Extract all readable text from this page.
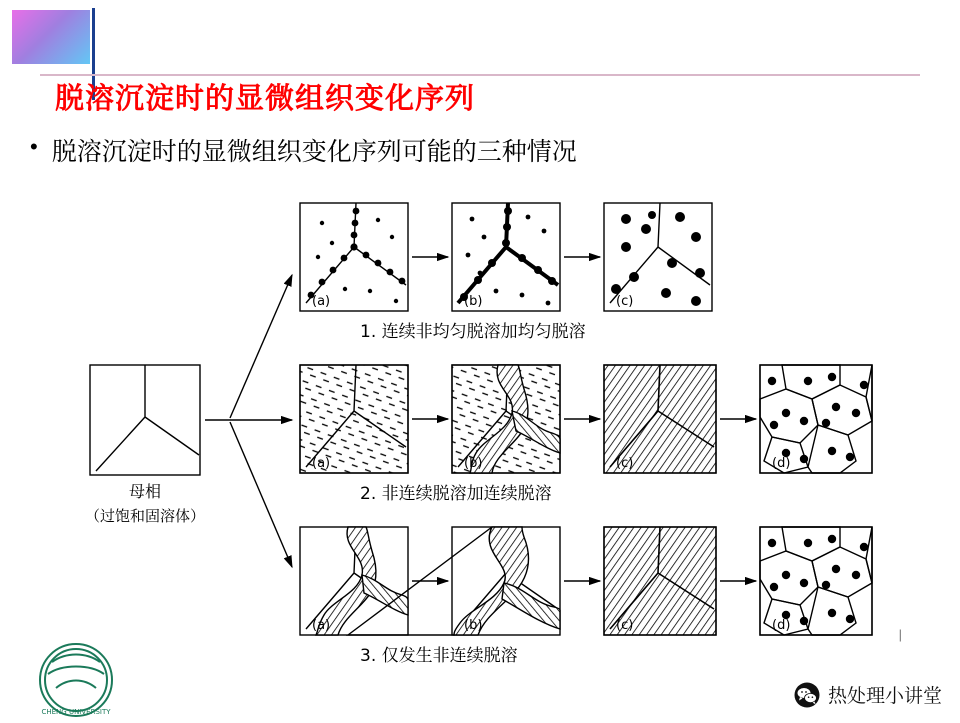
脱溶沉淀时的显微组织变化序列
• 脱溶沉淀时的显微组织变化序列可能的三种情况
母相
（过饱和固溶体）
(a)	(b)	(c)
1. 连续非均匀脱溶加均匀脱溶
(a)	(b)	(c)	(d)
2. 非连续脱溶加连续脱溶
(a)	(b)	(c)	(d)
3. 仅发生非连续脱溶
CHENG UNIVERSITY
|
热处理小讲堂
